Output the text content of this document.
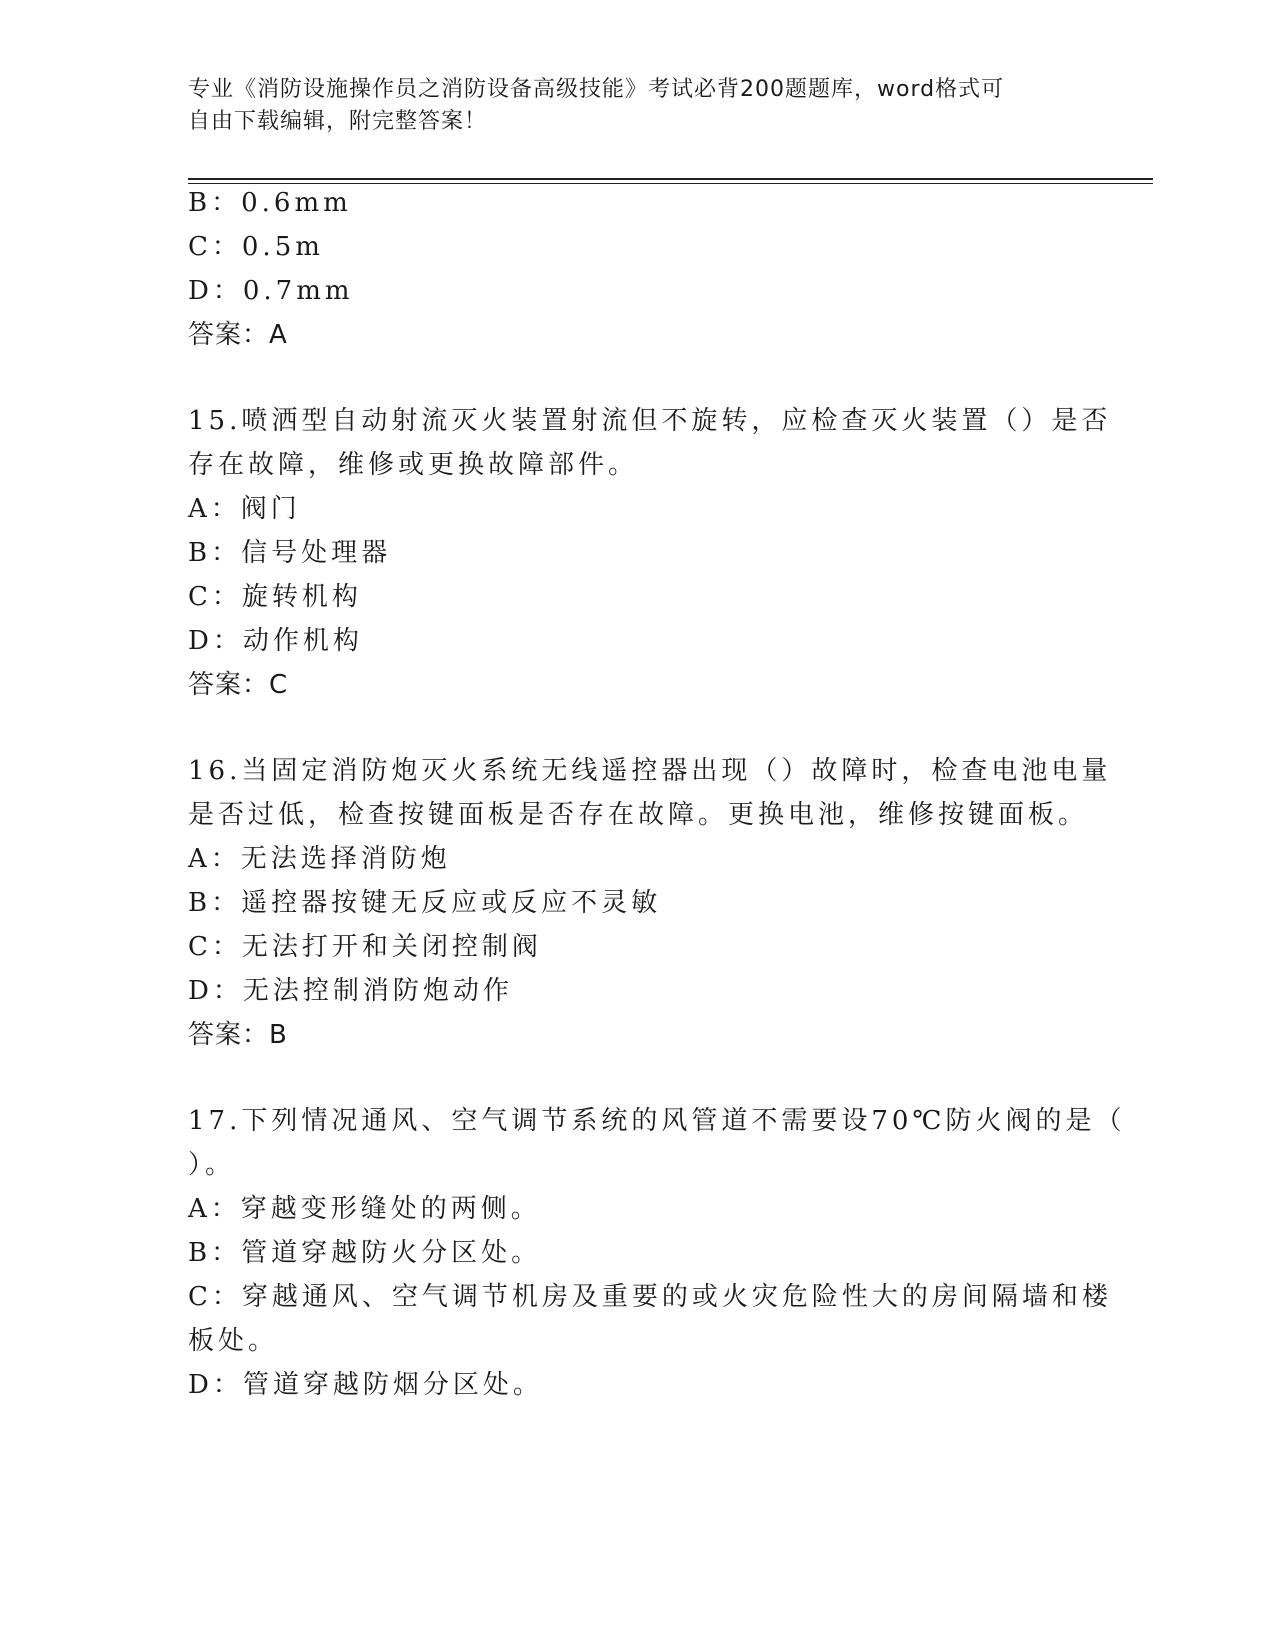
专业《消防设施操作员之消防设备高级技能》考试必背200题题库，word格式可
自由下载编辑，附完整答案！
B：0.6mm
C：0.5m
D：0.7mm
答案：A
15.喷洒型自动射流灭火装置射流但不旋转，应检查灭火装置（）是否
存在故障，维修或更换故障部件。
A：阀门
B：信号处理器
C：旋转机构
D：动作机构
答案：C
16.当固定消防炮灭火系统无线遥控器出现（）故障时，检查电池电量
是否过低，检查按键面板是否存在故障。更换电池，维修按键面板。
A：无法选择消防炮
B：遥控器按键无反应或反应不灵敏
C：无法打开和关闭控制阀
D：无法控制消防炮动作
答案：B
17.下列情况通风、空气调节系统的风管道不需要设70℃防火阀的是（
）。
A：穿越变形缝处的两侧。
B：管道穿越防火分区处。
C：穿越通风、空气调节机房及重要的或火灾危险性大的房间隔墙和楼
板处。
D：管道穿越防烟分区处。
